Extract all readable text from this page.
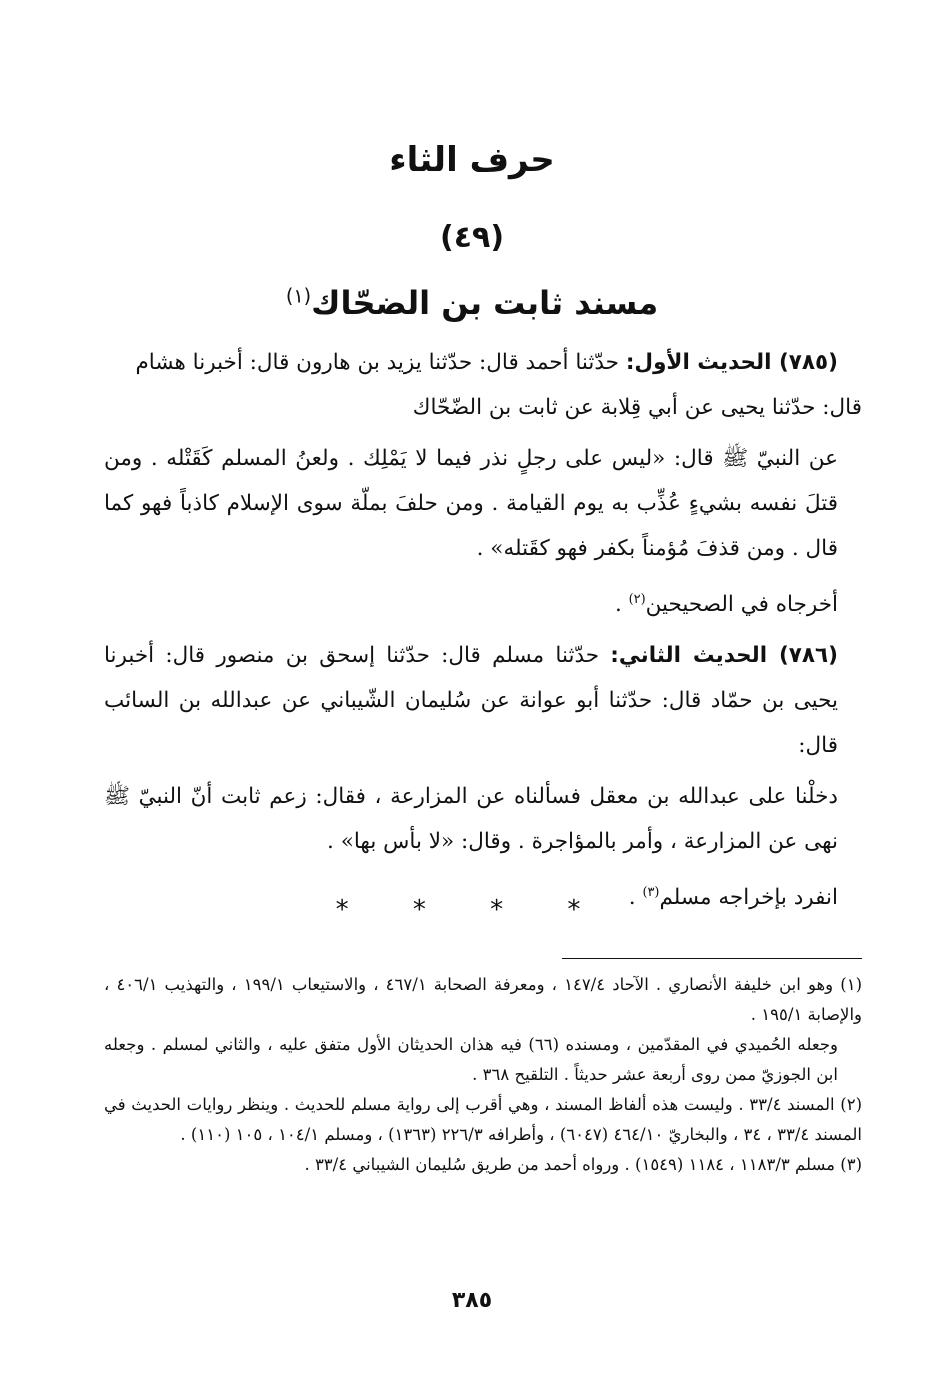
حرف الثاء
(٤٩)
مسند ثابت بن الضحّاك$^{(١)}$

(٧٨٥) الحديث الأول: حدّثنا أحمد قال: حدّثنا يزيد بن هارون قال: أخبرنا هشام

قال: حدّثنا يحيى عن أبي قِلابة عن ثابت بن الضّحّاك

عن النبيّ ﷺ قال: «ليس على رجلٍ نذر فيما لا يَمْلِك . ولعنُ المسلم كَقَتْله . ومن قتلَ نفسه بشيءٍ عُذِّب به يوم القيامة . ومن حلفَ بملّة سوى الإسلام كاذباً فهو كما قال . ومن قذفَ مُؤمناً بكفر فهو كقَتله» .

أخرجاه في الصحيحين$^{(٢)}$ .

(٧٨٦) الحديث الثاني: حدّثنا مسلم قال: حدّثنا إسحق بن منصور قال: أخبرنا يحيى بن حمّاد قال: حدّثنا أبو عوانة عن سُليمان الشّيباني عن عبدالله بن السائب قال:

دخلْنا على عبدالله بن معقل فسألناه عن المزارعة ، فقال: زعم ثابت أنّ النبيّ ﷺ نهى عن المزارعة ، وأمر بالمؤاجرة . وقال: «لا بأس بها» .

انفرد بإخراجه مسلم$^{(٣)}$ .

* * * *

(١) وهو ابن خليفة الأنصاري . الآحاد ١٤٧/٤ ، ومعرفة الصحابة ٤٦٧/١ ، والاستيعاب ١٩٩/١ ، والتهذيب ٤٠٦/١ ، والإصابة ١٩٥/١ .

وجعله الحُميدي في المقدّمين ، ومسنده (٦٦) فيه هذان الحديثان الأول متفق عليه ، والثاني لمسلم . وجعله ابن الجوزيّ ممن روى أربعة عشر حديثاً . التلقيح ٣٦٨ .

(٢) المسند ٣٣/٤ . وليست هذه ألفاظ المسند ، وهي أقرب إلى رواية مسلم للحديث . وينظر روايات الحديث في المسند ٣٣/٤ ، ٣٤ ، والبخاريّ ٤٦٤/١٠ (٦٠٤٧) ، وأطرافه ٢٢٦/٣ (١٣٦٣) ، ومسلم ١٠٤/١ ، ١٠٥ (١١٠) .

(٣) مسلم ١١٨٣/٣ ، ١١٨٤ (١٥٤٩) . ورواه أحمد من طريق سُليمان الشيباني ٣٣/٤ .

٣٨٥
